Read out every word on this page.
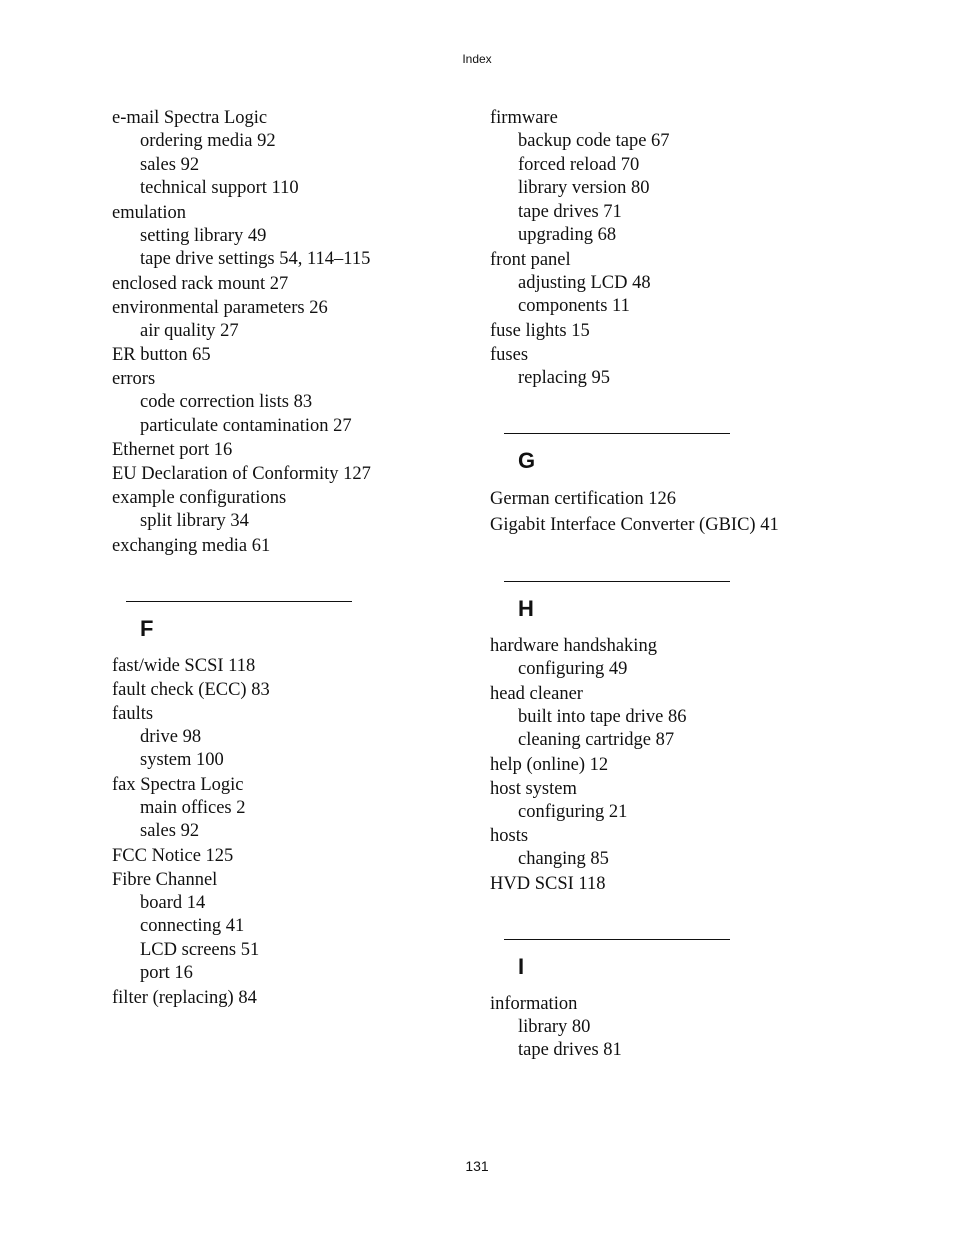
Index
e-mail Spectra Logic
ordering media 92
sales 92
technical support 110
emulation
setting library 49
tape drive settings 54, 114–115
enclosed rack mount 27
environmental parameters 26
air quality 27
ER button 65
errors
code correction lists 83
particulate contamination 27
Ethernet port 16
EU Declaration of Conformity 127
example configurations
split library 34
exchanging media 61
F
fast/wide SCSI 118
fault check (ECC) 83
faults
drive 98
system 100
fax Spectra Logic
main offices 2
sales 92
FCC Notice 125
Fibre Channel
board 14
connecting 41
LCD screens 51
port 16
filter (replacing) 84
firmware
backup code tape 67
forced reload 70
library version 80
tape drives 71
upgrading 68
front panel
adjusting LCD 48
components 11
fuse lights 15
fuses
replacing 95
G
German certification 126
Gigabit Interface Converter (GBIC) 41
H
hardware handshaking
configuring 49
head cleaner
built into tape drive 86
cleaning cartridge 87
help (online) 12
host system
configuring 21
hosts
changing 85
HVD SCSI 118
I
information
library 80
tape drives 81
131
